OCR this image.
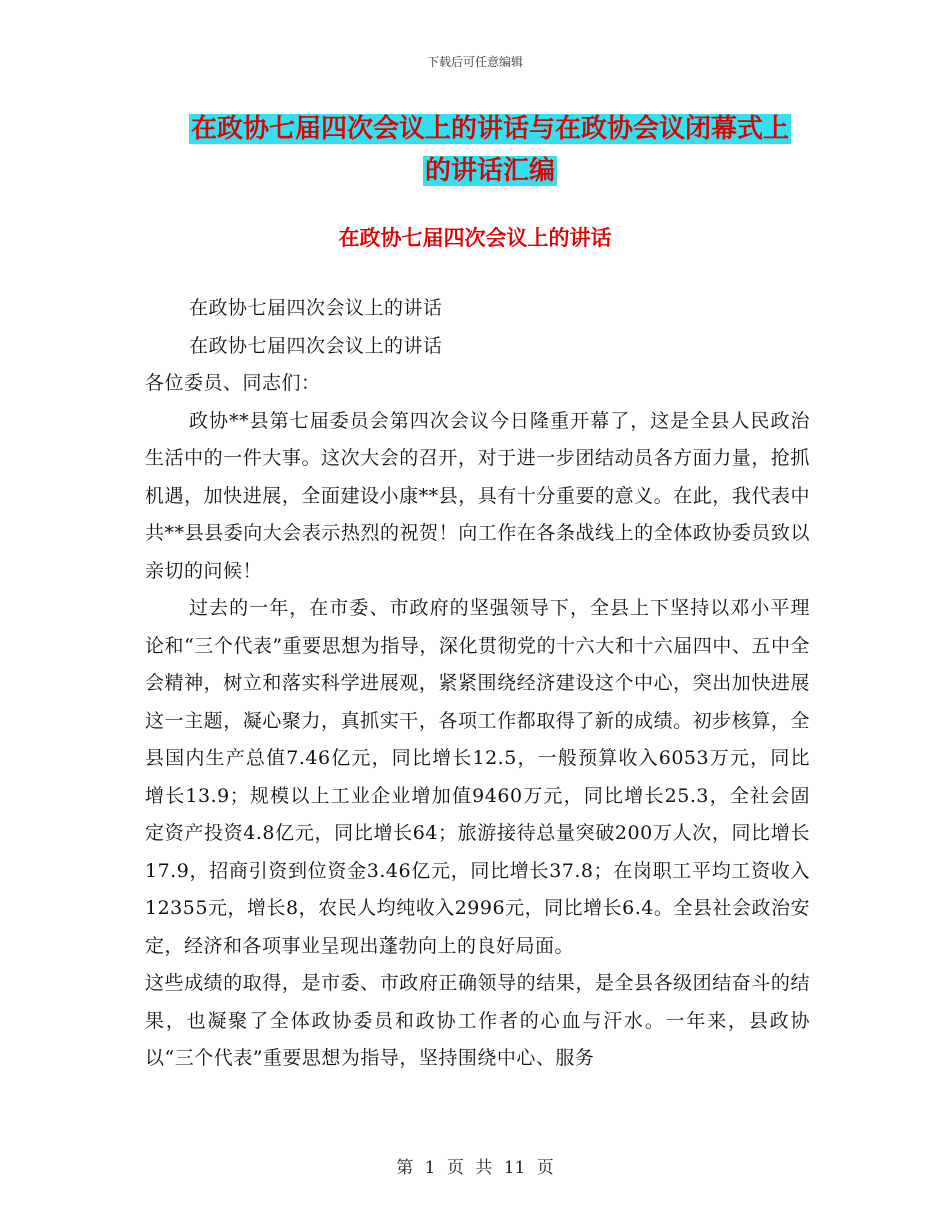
下载后可任意编辑
在政协七届四次会议上的讲话与在政协会议闭幕式上
的讲话汇编
在政协七届四次会议上的讲话

在政协七届四次会议上的讲话

在政协七届四次会议上的讲话

各位委员、同志们：

政协**县第七届委员会第四次会议今日隆重开幕了，这是全县人民政治生活中的一件大事。这次大会的召开，对于进一步团结动员各方面力量，抢抓机遇，加快进展，全面建设小康**县，具有十分重要的意义。在此，我代表中共**县县委向大会表示热烈的祝贺！向工作在各条战线上的全体政协委员致以亲切的问候！

过去的一年，在市委、市政府的坚强领导下，全县上下坚持以邓小平理论和“三个代表”重要思想为指导，深化贯彻党的十六大和十六届四中、五中全会精神，树立和落实科学进展观，紧紧围绕经济建设这个中心，突出加快进展这一主题，凝心聚力，真抓实干，各项工作都取得了新的成绩。初步核算，全县国内生产总值7.46亿元，同比增长12.5，一般预算收入6053万元，同比增长13.9；规模以上工业企业增加值9460万元，同比增长25.3，全社会固定资产投资4.8亿元，同比增长64；旅游接待总量突破200万人次，同比增长17.9，招商引资到位资金3.46亿元，同比增长37.8；在岗职工平均工资收入12355元，增长8，农民人均纯收入2996元，同比增长6.4。全县社会政治安定，经济和各项事业呈现出蓬勃向上的良好局面。

这些成绩的取得，是市委、市政府正确领导的结果，是全县各级团结奋斗的结果，也凝聚了全体政协委员和政协工作者的心血与汗水。一年来，县政协以“三个代表”重要思想为指导，坚持围绕中心、服务

第 1 页 共 11 页
